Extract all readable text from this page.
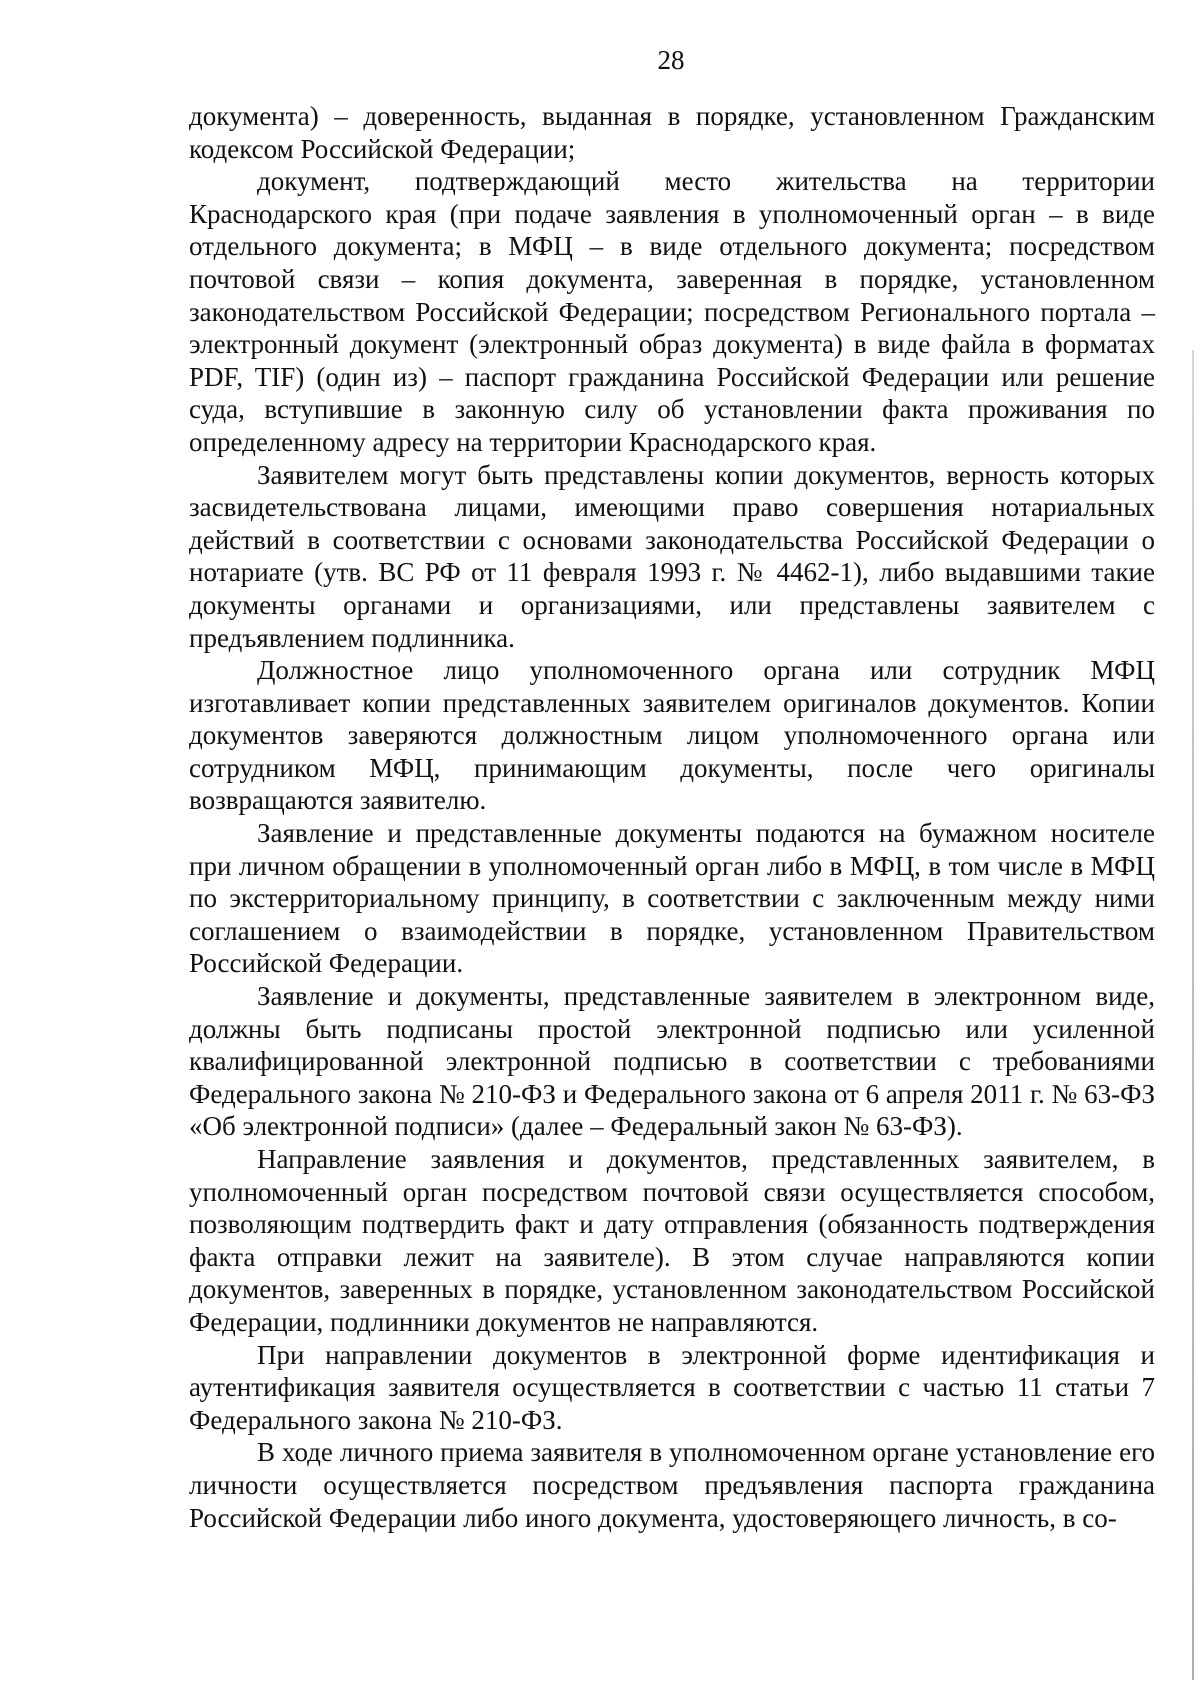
28

документа) – доверенность, выданная в порядке, установленном Гражданским кодексом Российской Федерации;

документ, подтверждающий место жительства на территории Краснодарского края (при подаче заявления в уполномоченный орган – в виде отдельного документа; в МФЦ – в виде отдельного документа; посредством почтовой связи – копия документа, заверенная в порядке, установленном законодательством Российской Федерации; посредством Регионального портала – электронный документ (электронный образ документа) в виде файла в форматах PDF, TIF) (один из) – паспорт гражданина Российской Федерации или решение суда, вступившие в законную силу об установлении факта проживания по определенному адресу на территории Краснодарского края.

Заявителем могут быть представлены копии документов, верность которых засвидетельствована лицами, имеющими право совершения нотариальных действий в соответствии с основами законодательства Российской Федерации о нотариате (утв. ВС РФ от 11 февраля 1993 г. № 4462-1), либо выдавшими такие документы органами и организациями, или представлены заявителем с предъявлением подлинника.

Должностное лицо уполномоченного органа или сотрудник МФЦ изготавливает копии представленных заявителем оригиналов документов. Копии документов заверяются должностным лицом уполномоченного органа или сотрудником МФЦ, принимающим документы, после чего оригиналы возвращаются заявителю.

Заявление и представленные документы подаются на бумажном носителе при личном обращении в уполномоченный орган либо в МФЦ, в том числе в МФЦ по экстерриториальному принципу, в соответствии с заключенным между ними соглашением о взаимодействии в порядке, установленном Правительством Российской Федерации.

Заявление и документы, представленные заявителем в электронном виде, должны быть подписаны простой электронной подписью или усиленной квалифицированной электронной подписью в соответствии с требованиями Федерального закона № 210-ФЗ и Федерального закона от 6 апреля 2011 г. № 63-ФЗ «Об электронной подписи» (далее – Федеральный закон № 63-ФЗ).

Направление заявления и документов, представленных заявителем, в уполномоченный орган посредством почтовой связи осуществляется способом, позволяющим подтвердить факт и дату отправления (обязанность подтверждения факта отправки лежит на заявителе). В этом случае направляются копии документов, заверенных в порядке, установленном законодательством Российской Федерации, подлинники документов не направляются.

При направлении документов в электронной форме идентификация и аутентификация заявителя осуществляется в соответствии с частью 11 статьи 7 Федерального закона № 210-ФЗ.

В ходе личного приема заявителя в уполномоченном органе установление его личности осуществляется посредством предъявления паспорта гражданина Российской Федерации либо иного документа, удостоверяющего личность, в со-
